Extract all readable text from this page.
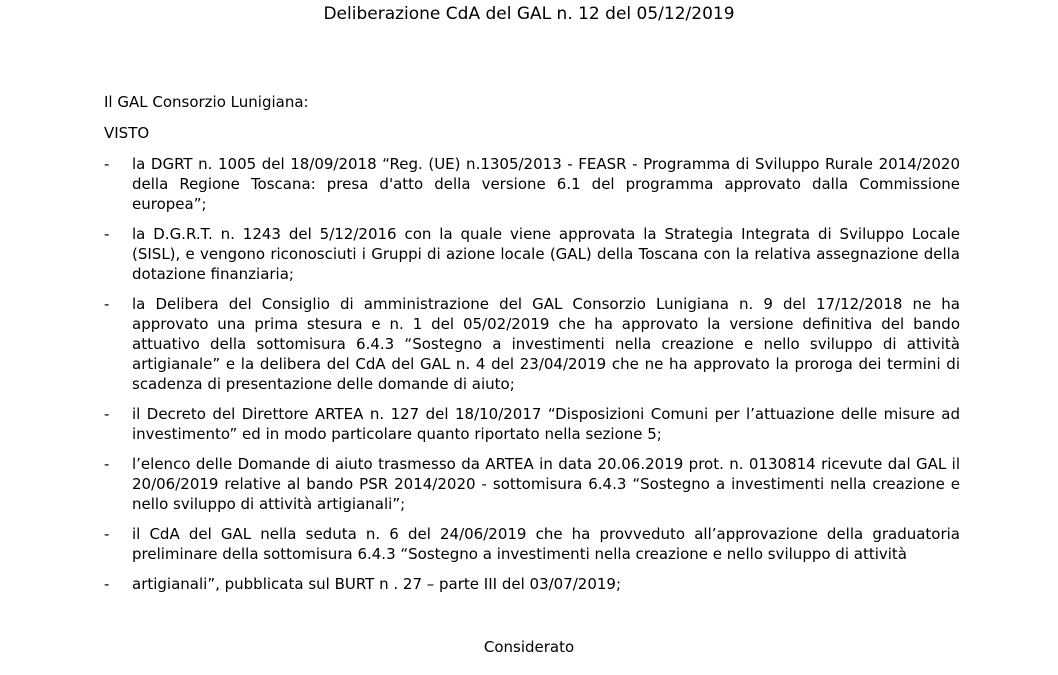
Deliberazione CdA del GAL n. 12 del 05/12/2019
Il GAL Consorzio Lunigiana:
VISTO
- la DGRT n. 1005 del 18/09/2018 “Reg. (UE) n.1305/2013 - FEASR - Programma di Sviluppo Rurale 2014/2020 della Regione Toscana: presa d'atto della versione 6.1 del programma approvato dalla Commissione europea”;
- la D.G.R.T. n. 1243 del 5/12/2016 con la quale viene approvata la Strategia Integrata di Sviluppo Locale (SISL), e vengono riconosciuti i Gruppi di azione locale (GAL) della Toscana con la relativa assegnazione della dotazione finanziaria;
- la Delibera del Consiglio di amministrazione del GAL Consorzio Lunigiana n. 9 del 17/12/2018 ne ha approvato una prima stesura e n. 1 del 05/02/2019 che ha approvato la versione definitiva del bando attuativo della sottomisura 6.4.3 “Sostegno a investimenti nella creazione e nello sviluppo di attività artigianale” e la delibera del CdA del GAL n. 4 del 23/04/2019 che ne ha approvato la proroga dei termini di scadenza di presentazione delle domande di aiuto;
- il Decreto del Direttore ARTEA n. 127 del 18/10/2017 “Disposizioni Comuni per l’attuazione delle misure ad investimento” ed in modo particolare quanto riportato nella sezione 5;
- l’elenco delle Domande di aiuto trasmesso da ARTEA in data 20.06.2019 prot. n. 0130814 ricevute dal GAL il 20/06/2019 relative al bando PSR 2014/2020 - sottomisura 6.4.3 “Sostegno a investimenti nella creazione e nello sviluppo di attività artigianali”;
- il CdA del GAL nella seduta n. 6 del 24/06/2019 che ha provveduto all’approvazione della graduatoria preliminare della sottomisura 6.4.3 “Sostegno a investimenti nella creazione e nello sviluppo di attività
- artigianali”, pubblicata sul BURT n . 27 – parte III del 03/07/2019;
Considerato
